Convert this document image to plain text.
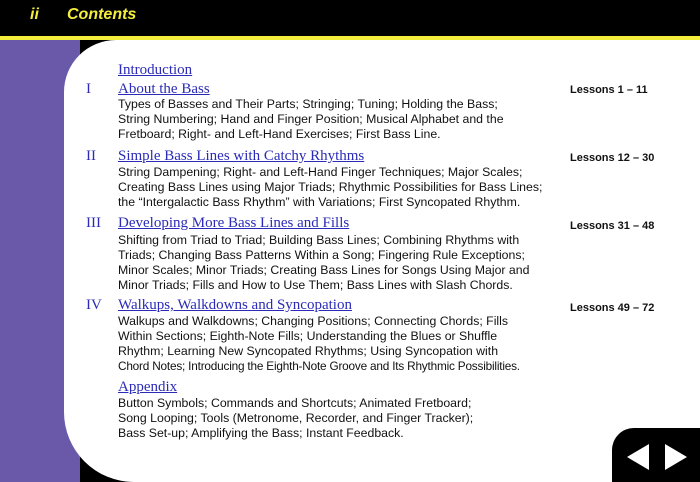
ii Contents
Introduction
I About the Bass	Lessons 1 – 11
Types of Basses and Their Parts; Stringing; Tuning; Holding the Bass;
String Numbering; Hand and Finger Position; Musical Alphabet and the
Fretboard; Right- and Left-Hand Exercises; First Bass Line.
II Simple Bass Lines with Catchy Rhythms	Lessons 12 – 30
String Dampening; Right- and Left-Hand Finger Techniques; Major Scales;
Creating Bass Lines using Major Triads; Rhythmic Possibilities for Bass Lines;
the “Intergalactic Bass Rhythm” with Variations; First Syncopated Rhythm.
III Developing More Bass Lines and Fills	Lessons 31 – 48
Shifting from Triad to Triad; Building Bass Lines; Combining Rhythms with
Triads; Changing Bass Patterns Within a Song; Fingering Rule Exceptions;
Minor Scales; Minor Triads; Creating Bass Lines for Songs Using Major and
Minor Triads; Fills and How to Use Them; Bass Lines with Slash Chords.
IV Walkups, Walkdowns and Syncopation	Lessons 49 – 72
Walkups and Walkdowns; Changing Positions; Connecting Chords; Fills
Within Sections; Eighth-Note Fills; Understanding the Blues or Shuffle
Rhythm; Learning New Syncopated Rhythms; Using Syncopation with
Chord Notes; Introducing the Eighth-Note Groove and Its Rhythmic Possibilities.
Appendix
Button Symbols; Commands and Shortcuts; Animated Fretboard;
Song Looping; Tools (Metronome, Recorder, and Finger Tracker);
Bass Set-up; Amplifying the Bass; Instant Feedback.
